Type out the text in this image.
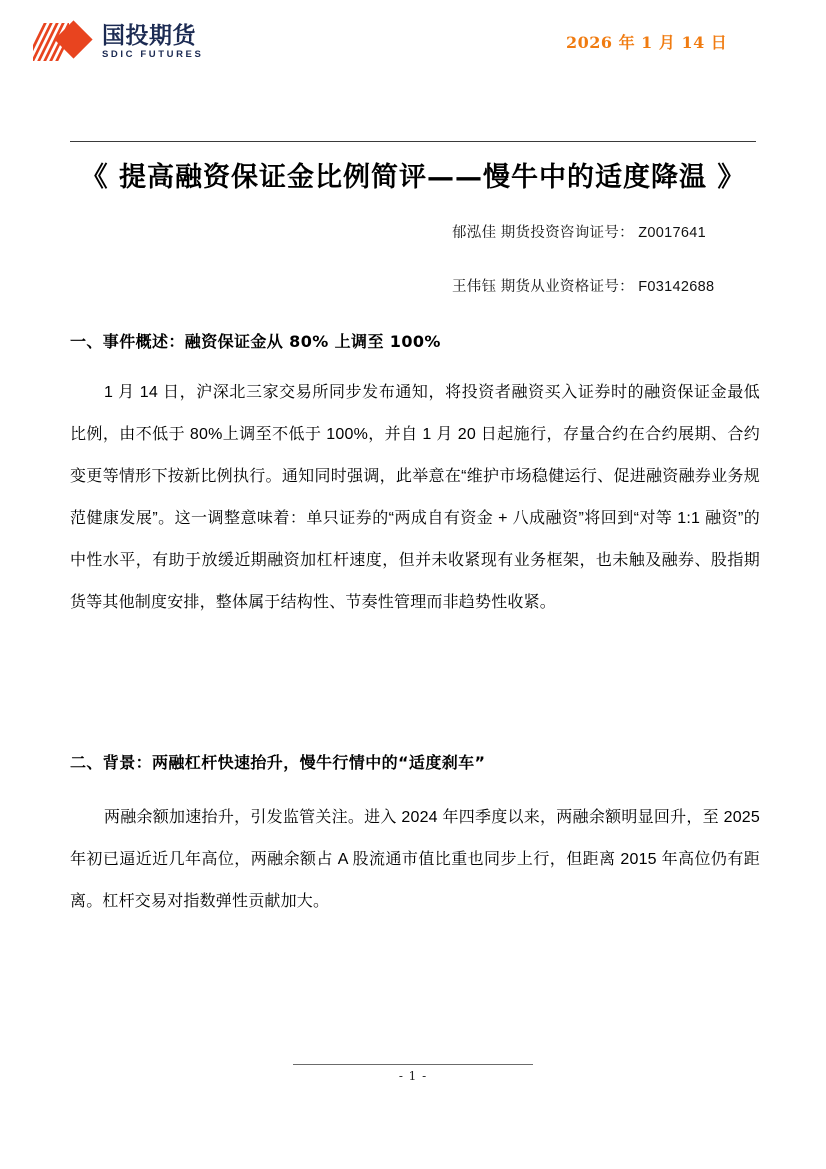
国投期货
SDIC FUTURES
2026 年 1 月 14 日
《 提高融资保证金比例简评——慢牛中的适度降温 》
郁泓佳 期货投资咨询证号： Z0017641
王伟钰 期货从业资格证号： F03142688
一、事件概述：融资保证金从 80% 上调至 100%
1 月 14 日，沪深北三家交易所同步发布通知，将投资者融资买入证券时的融资保证金最低比例，由不低于 80%上调至不低于 100%，并自 1 月 20 日起施行，存量合约在合约展期、合约变更等情形下按新比例执行。通知同时强调，此举意在“维护市场稳健运行、促进融资融券业务规范健康发展”。这一调整意味着：单只证券的“两成自有资金 + 八成融资”将回到“对等 1:1 融资”的中性水平，有助于放缓近期融资加杠杆速度，但并未收紧现有业务框架，也未触及融券、股指期货等其他制度安排，整体属于结构性、节奏性管理而非趋势性收紧。
二、背景：两融杠杆快速抬升，慢牛行情中的“适度刹车”
两融余额加速抬升，引发监管关注。进入 2024 年四季度以来，两融余额明显回升，至 2025 年初已逼近近几年高位，两融余额占 A 股流通市值比重也同步上行，但距离 2015 年高位仍有距离。杠杆交易对指数弹性贡献加大。
- 1 -
